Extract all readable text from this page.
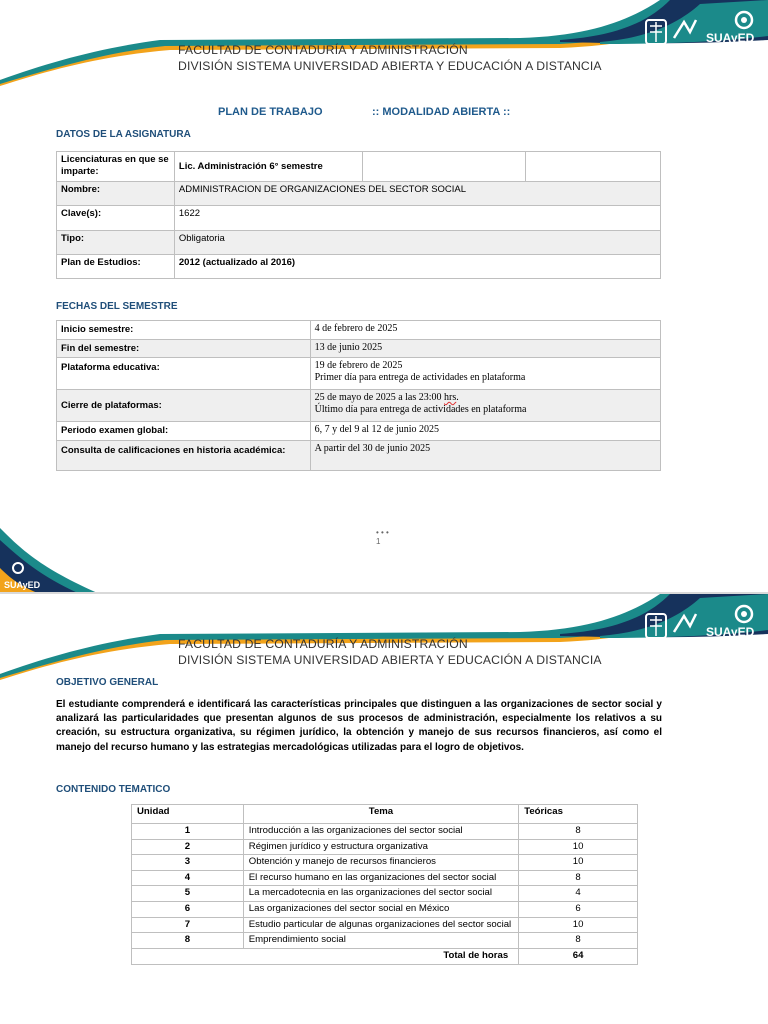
SUAyED
FACULTAD DE CONTADURÍA Y ADMINISTRACIÓN
DIVISIÓN SISTEMA UNIVERSIDAD ABIERTA Y EDUCACIÓN A DISTANCIA
PLAN DE TRABAJO	:: MODALIDAD ABIERTA ::
DATOS DE LA ASIGNATURA
Licenciaturas en que se imparte:	Lic. Administración 6° semestre		
Nombre:	ADMINISTRACION DE ORGANIZACIONES DEL SECTOR SOCIAL		
Clave(s):	1622		
Tipo:	Obligatoria		
Plan de Estudios:	2012 (actualizado al 2016)		
FECHAS DEL SEMESTRE
Inicio semestre:	4 de febrero de 2025
Fin del semestre:	13 de junio 2025
Plataforma educativa:	19 de febrero de 2025
Primer día para entrega de actividades en plataforma

Cierre de plataformas:	25 de mayo de 2025 a las 23:00 hrs.
Último día para entrega de actividades en plataforma

Periodo examen global:	6, 7 y del 9 al 12 de junio 2025
Consulta de calificaciones en historia académica:	A partir del 30 de junio 2025
• • •
1
SUAyED
SUAyED
FACULTAD DE CONTADURÍA Y ADMINISTRACIÓN
DIVISIÓN SISTEMA UNIVERSIDAD ABIERTA Y EDUCACIÓN A DISTANCIA
OBJETIVO GENERAL
El estudiante comprenderá e identificará las características principales que distinguen a las organizaciones de sector social y analizará las particularidades que presentan algunos de sus procesos de administración, especialmente los relativos a su creación, su estructura organizativa, su régimen jurídico, la obtención y manejo de sus recursos financieros, así como el manejo del recurso humano y las estrategias mercadológicas utilizadas para el logro de objetivos.
CONTENIDO TEMATICO
Unidad	Tema	Teóricas
1	Introducción a las organizaciones del sector social	8
2	Régimen jurídico y estructura organizativa	10
3	Obtención y manejo de recursos financieros	10
4	El recurso humano en las organizaciones del sector social	8
5	La mercadotecnia en las organizaciones del sector social	4
6	Las organizaciones del sector social en México	6
7	Estudio particular de algunas organizaciones del sector social	10
8	Emprendimiento social	8
Total de horas		64
